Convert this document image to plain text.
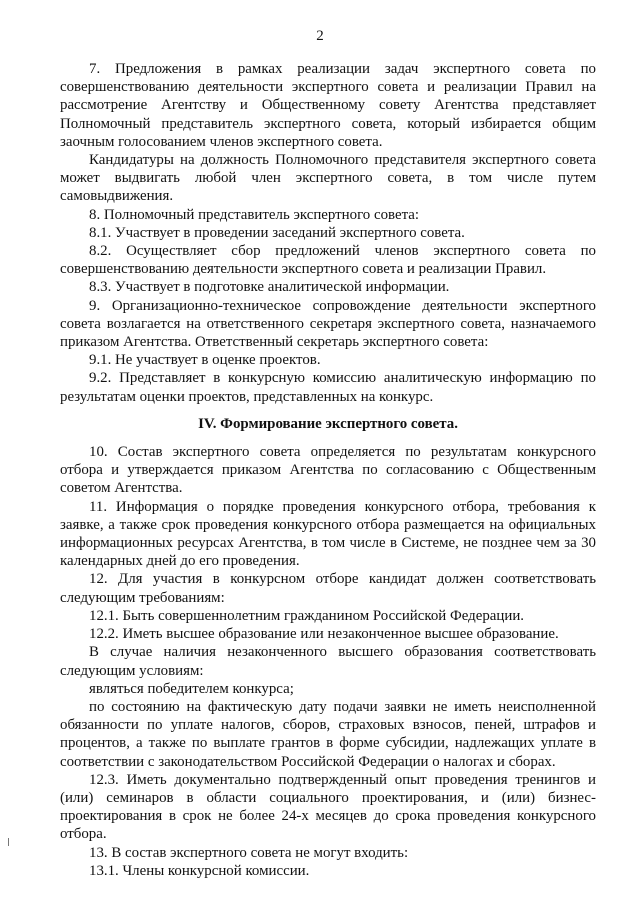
2

7. Предложения в рамках реализации задач экспертного совета по совершенствованию деятельности экспертного совета и реализации Правил на рассмотрение Агентству и Общественному совету Агентства представляет Полномочный представитель экспертного совета, который избирается общим заочным голосованием членов экспертного совета.

Кандидатуры на должность Полномочного представителя экспертного совета может выдвигать любой член экспертного совета, в том числе путем самовыдвижения.

8. Полномочный представитель экспертного совета:

8.1. Участвует в проведении заседаний экспертного совета.

8.2. Осуществляет сбор предложений членов экспертного совета по совершенствованию деятельности экспертного совета и реализации Правил.

8.3. Участвует в подготовке аналитической информации.

9. Организационно-техническое сопровождение деятельности экспертного совета возлагается на ответственного секретаря экспертного совета, назначаемого приказом Агентства. Ответственный секретарь экспертного совета:

9.1. Не участвует в оценке проектов.

9.2. Представляет в конкурсную комиссию аналитическую информацию по результатам оценки проектов, представленных на конкурс.

IV. Формирование экспертного совета.

10. Состав экспертного совета определяется по результатам конкурсного отбора и утверждается приказом Агентства по согласованию с Общественным советом Агентства.

11. Информация о порядке проведения конкурсного отбора, требования к заявке, а также срок проведения конкурсного отбора размещается на официальных информационных ресурсах Агентства, в том числе в Системе, не позднее чем за 30 календарных дней до его проведения.

12. Для участия в конкурсном отборе кандидат должен соответствовать следующим требованиям:

12.1. Быть совершеннолетним гражданином Российской Федерации.

12.2. Иметь высшее образование или незаконченное высшее образование.

В случае наличия незаконченного высшего образования соответствовать следующим условиям:

являться победителем конкурса;

по состоянию на фактическую дату подачи заявки не иметь неисполненной обязанности по уплате налогов, сборов, страховых взносов, пеней, штрафов и процентов, а также по выплате грантов в форме субсидии, надлежащих уплате в соответствии с законодательством Российской Федерации о налогах и сборах.

12.3. Иметь документально подтвержденный опыт проведения тренингов и (или) семинаров в области социального проектирования, и (или) бизнес-проектирования в срок не более 24-х месяцев до срока проведения конкурсного отбора.

13. В состав экспертного совета не могут входить:

13.1. Члены конкурсной комиссии.
